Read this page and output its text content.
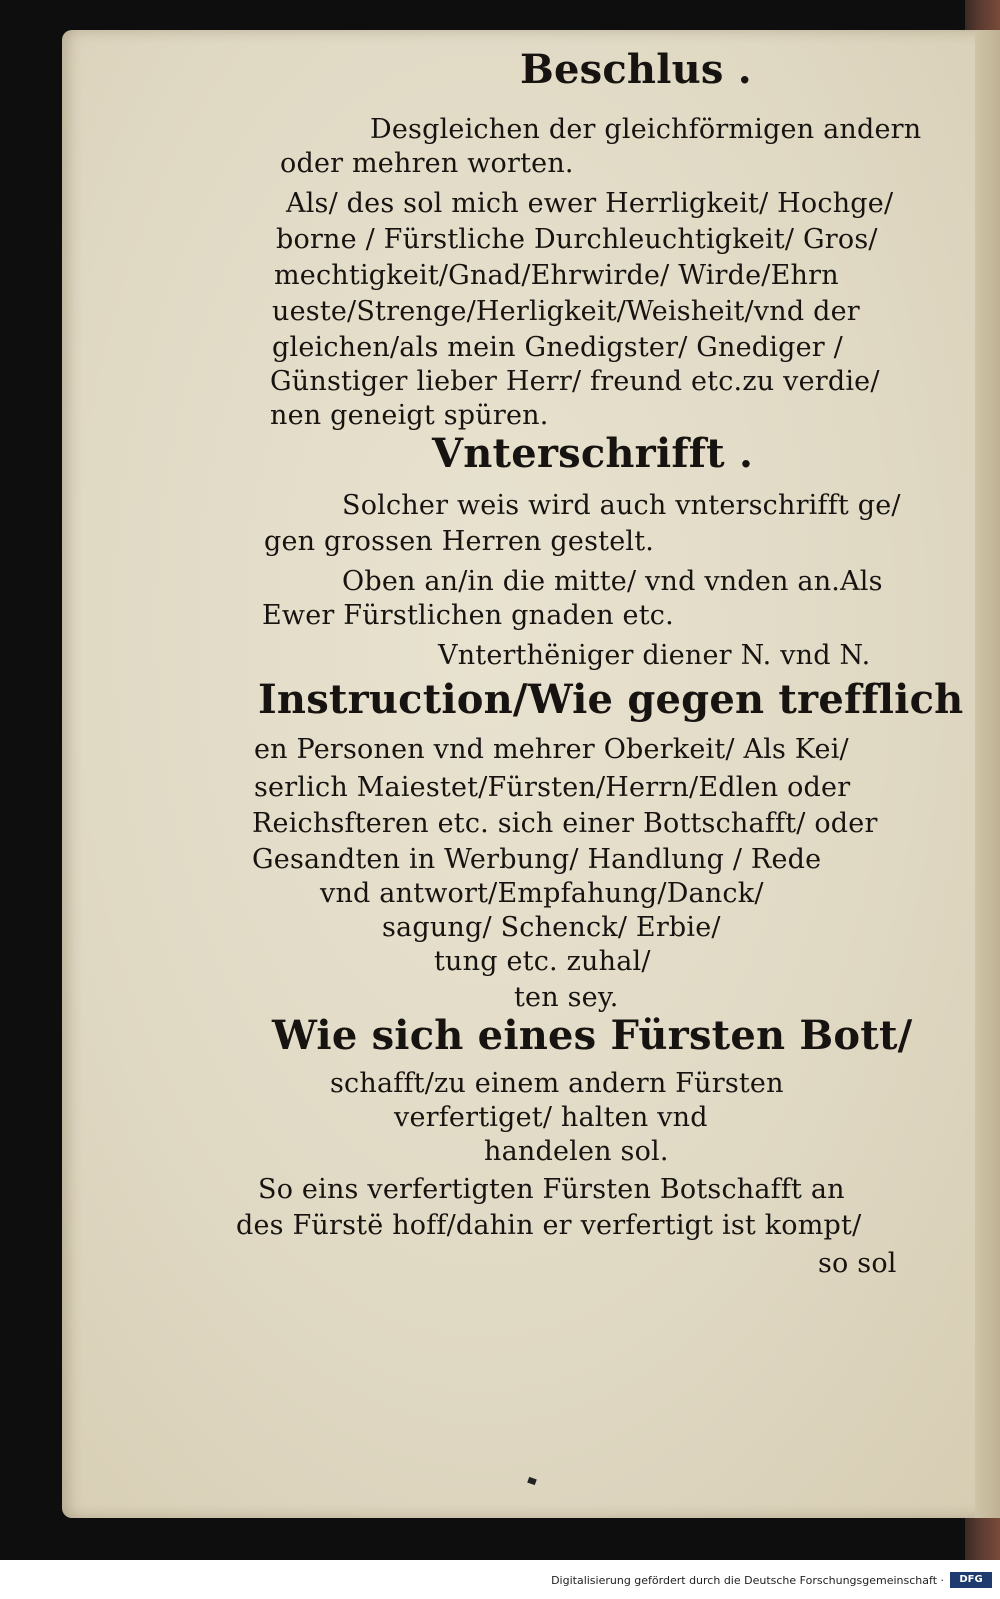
Beschlus .

Desgleichen der gleichförmigen andern

oder mehren worten.

Als/ des sol mich ewer Herrligkeit/ Hochge/

borne / Fürstliche Durchleuchtigkeit/ Gros/

mechtigkeit/Gnad/Ehrwirde/ Wirde/Ehrn

ueste/Strenge/Herligkeit/Weisheit/vnd der

gleichen/als mein Gnedigster/ Gnediger /

Günstiger lieber Herr/ freund etc.zu verdie/

nen geneigt spüren.

Vnterschrifft .

Solcher weis wird auch vnterschrifft ge/

gen grossen Herren gestelt.

Oben an/in die mitte/ vnd vnden an.Als

Ewer Fürstlichen gnaden etc.

Vnterthëniger diener N. vnd N.

Instruction/Wie gegen trefflich

en Personen vnd mehrer Oberkeit/ Als Kei/

serlich Maiestet/Fürsten/Herrn/Edlen oder

Reichsfteren etc. sich einer Bottschafft/ oder

Gesandten in Werbung/ Handlung / Rede

vnd antwort/Empfahung/Danck/

sagung/ Schenck/ Erbie/

tung etc. zuhal/

ten sey.

Wie sich eines Fürsten Bott/

schafft/zu einem andern Fürsten

verfertiget/ halten vnd

handelen sol.

So eins verfertigten Fürsten Botschafft an

des Fürstë hoff/dahin er verfertigt ist kompt/

so sol

Digitalisierung gefördert durch die Deutsche Forschungsgemeinschaft ·	DFG
